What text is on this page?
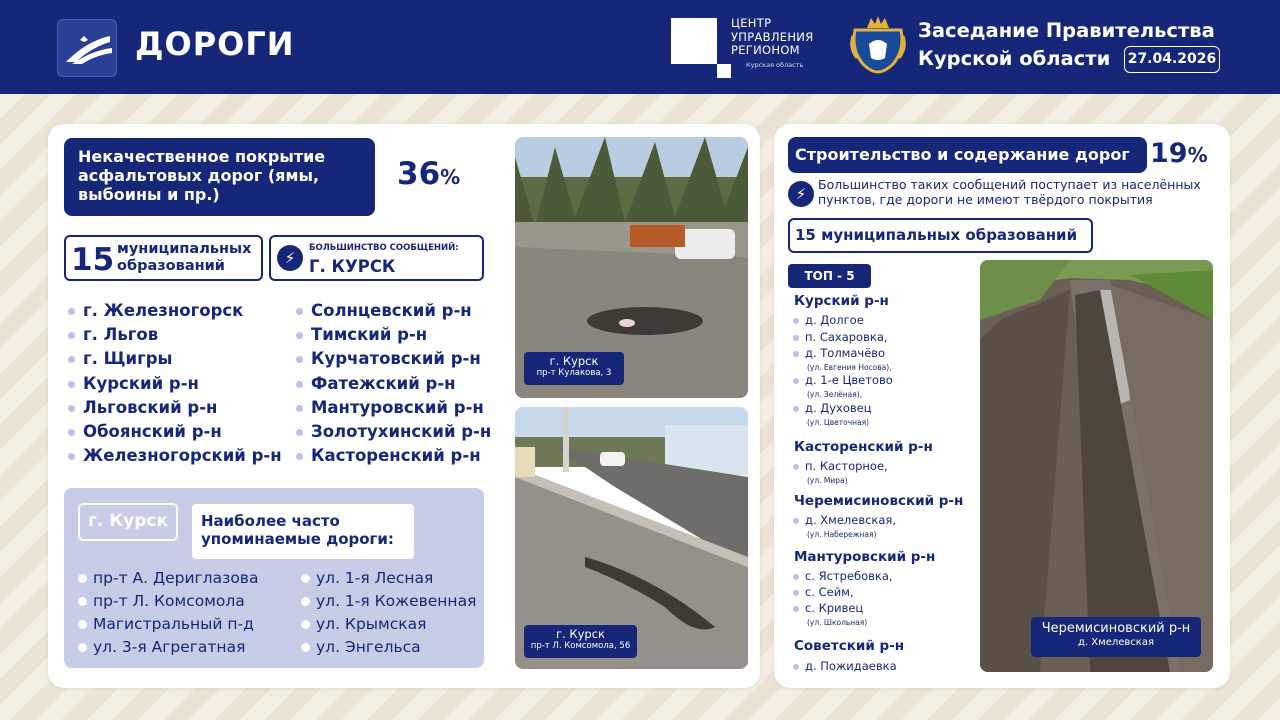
ДОРОГИ
ЦЕНТР
УПРАВЛЕНИЯ
РЕГИОНОМ
Курская область
Заседание Правительства
Курской области 27.04.2026
Некачественное покрытие асфальтовых дорог (ямы, выбоины и пр.)
36%
15 муниципальных образований	⚡︎
БОЛЬШИНСТВО СООБЩЕНИЙ:
Г. КУРСК
г. Железногорск
г. Льгов
г. Щигры
Курский р-н
Льговский р-н
Обоянский р-н
Железногорский р-н
Солнцевский р-н
Тимский р-н
Курчатовский р-н
Фатежский р-н
Мантуровский р-н
Золотухинский р-н
Касторенский р-н
г. Курск	Наиболее часто упоминаемые дороги:
пр-т А. Дериглазова
пр-т Л. Комсомола
Магистральный п-д
ул. 3-я Агрегатная
ул. 1-я Лесная
ул. 1-я Кожевенная
ул. Крымская
ул. Энгельса
г. Курск
пр-т Кулакова, 3
г. Курск
пр-т Л. Комсомола, 56
Черемисиновский р-н
д. Хмелевская
Строительство и содержание дорог 19%
⚡︎
Большинство таких сообщений поступает из населённых пунктов, где дороги не имеют твёрдого покрытия
15 муниципальных образований
ТОП - 5
Курский р-н
д. Долгое
п. Сахаровка,
д. Толмачёво
(ул. Евгения Носова),
д. 1-е Цветово
(ул. Зелёная),
д. Духовец
(ул. Цветочная)
Касторенский р-н
п. Касторное,
(ул. Мира)
Черемисиновский р-н
д. Хмелевская,
(ул. Набережная)
Мантуровский р-н
с. Ястребовка,
с. Сейм,
с. Кривец
(ул. Школьная)
Советский р-н
д. Пожидаевка
